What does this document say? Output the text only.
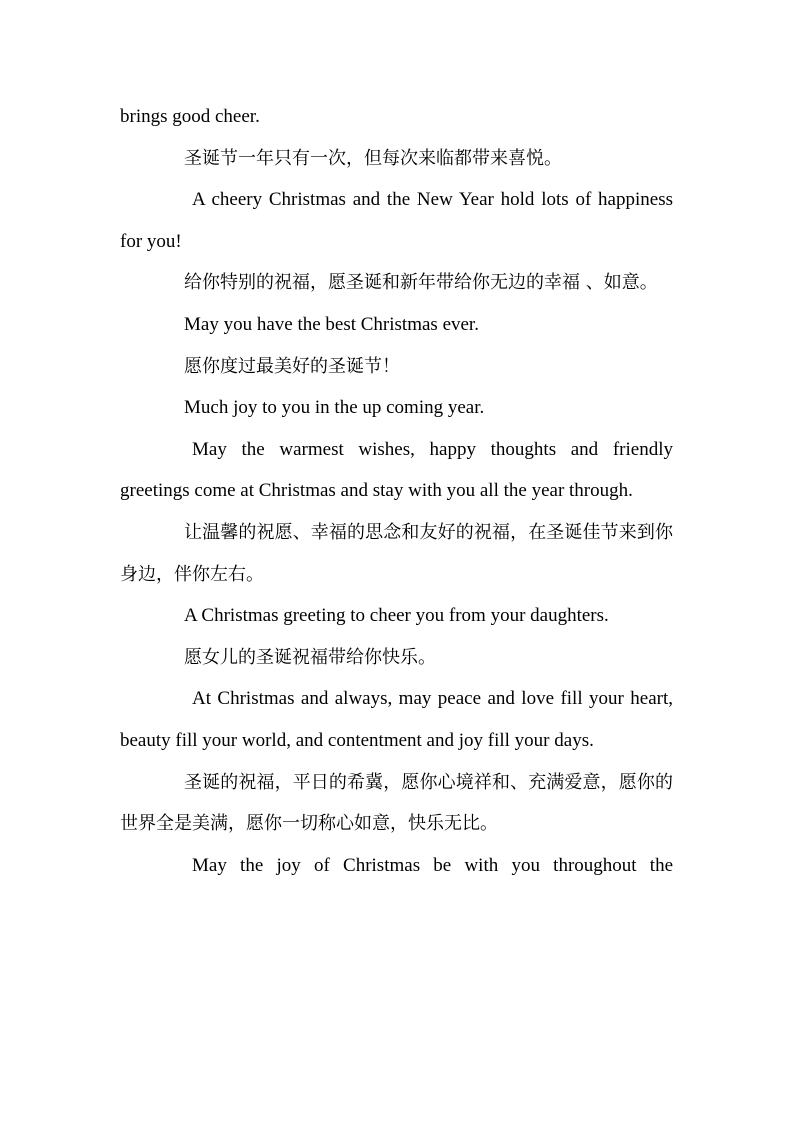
brings good cheer.

圣诞节一年只有一次，但每次来临都带来喜悦。

A cheery Christmas and the New Year hold lots of happiness for you!

给你特别的祝福，愿圣诞和新年带给你无边的幸福 、如意。

May you have the best Christmas ever.

愿你度过最美好的圣诞节！

Much joy to you in the up coming year.

May the warmest wishes, happy thoughts and friendly greetings come at Christmas and stay with you all the year through.

让温馨的祝愿、幸福的思念和友好的祝福，在圣诞佳节来到你身边，伴你左右。

A Christmas greeting to cheer you from your daughters.

愿女儿的圣诞祝福带给你快乐。

At Christmas and always, may peace and love fill your heart, beauty fill your world, and contentment and joy fill your days.

圣诞的祝福，平日的希冀，愿你心境祥和、充满爱意，愿你的世界全是美满，愿你一切称心如意，快乐无比。

May the joy of Christmas be with you throughout the
